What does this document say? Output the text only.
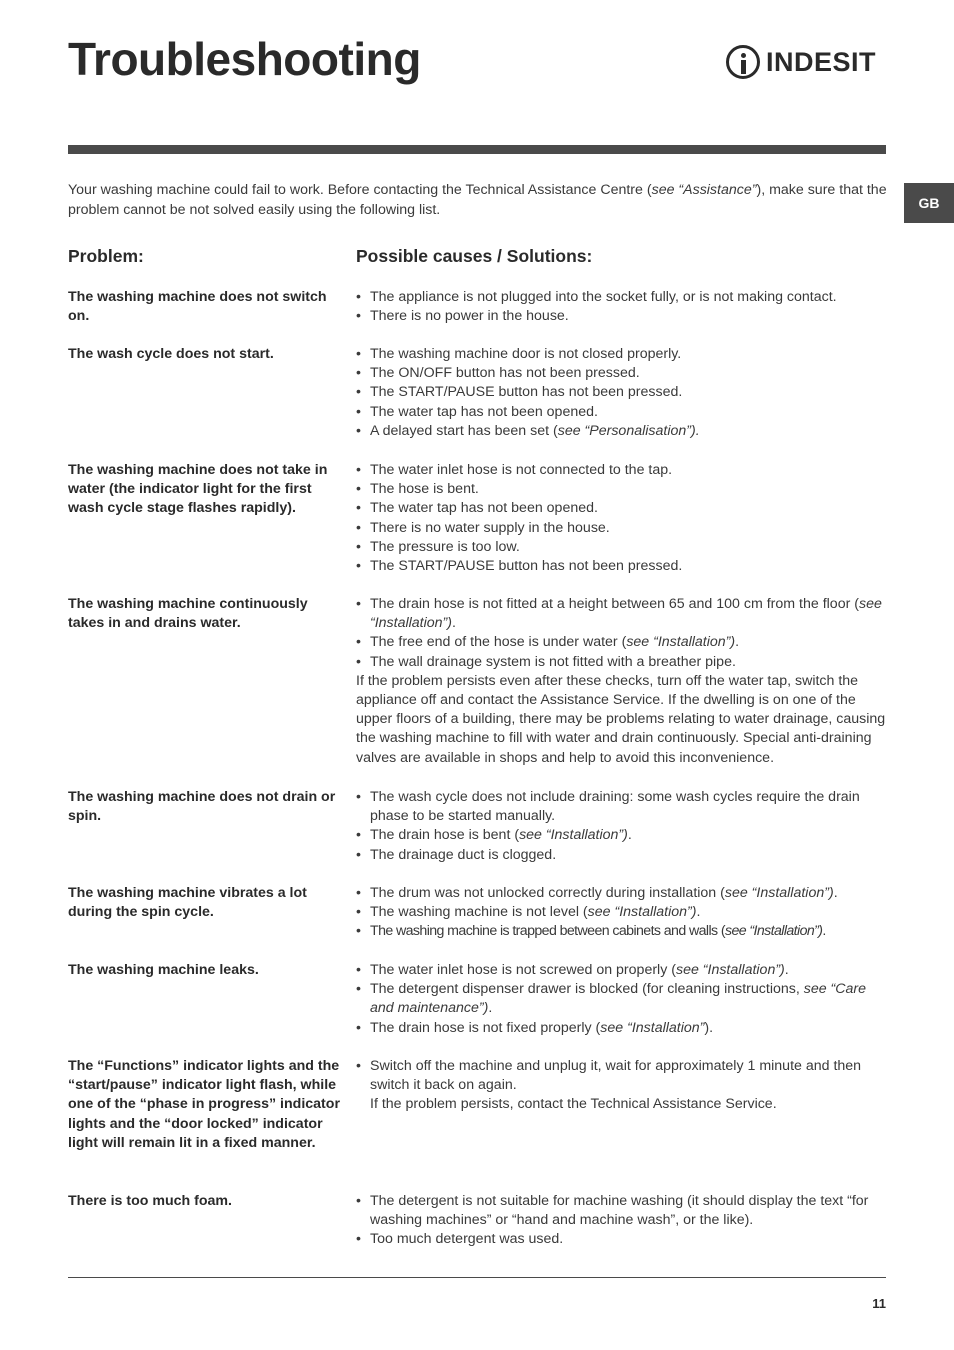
Troubleshooting	INDESIT
GB

Your washing machine could fail to work. Before contacting the Technical Assistance Centre (see “Assistance”), make sure that the problem cannot be not solved easily using the following list.

Problem:	Possible causes / Solutions:
The washing machine does not switch on.
• The appliance is not plugged into the socket fully, or is not making contact.
• There is no power in the house.
The wash cycle does not start.	• The washing machine door is not closed properly.
• The ON/OFF button has not been pressed.
• The START/PAUSE button has not been pressed.
• The water tap has not been opened.
• A delayed start has been set (see “Personalisation”).
The washing machine does not take in water (the indicator light for the first wash cycle stage flashes rapidly).
• The water inlet hose is not connected to the tap.
• The hose is bent.
• The water tap has not been opened.
• There is no water supply in the house.
• The pressure is too low.
• The START/PAUSE button has not been pressed.
The washing machine continuously takes in and drains water.
• The drain hose is not fitted at a height between 65 and 100 cm from the floor (see “Installation”).
• The free end of the hose is under water (see “Installation”).
• The wall drainage system is not fitted with a breather pipe.

If the problem persists even after these checks, turn off the water tap, switch the appliance off and contact the Assistance Service. If the dwelling is on one of the upper floors of a building, there may be problems relating to water drainage, causing the washing machine to fill with water and drain continuously. Special anti-draining valves are available in shops and help to avoid this inconvenience.

The washing machine does not drain or spin.
• The wash cycle does not include draining: some wash cycles require the drain phase to be started manually.
• The drain hose is bent (see “Installation”).
• The drainage duct is clogged.
The washing machine vibrates a lot during the spin cycle.
• The drum was not unlocked correctly during installation (see “Installation”).
• The washing machine is not level (see “Installation”).
• The washing machine is trapped between cabinets and walls (see “Installation”).
The washing machine leaks.	• The water inlet hose is not screwed on properly (see “Installation”).
• The detergent dispenser drawer is blocked (for cleaning instructions, see “Care and maintenance”).
• The drain hose is not fixed properly (see “Installation”).
The “Functions” indicator lights and the “start/pause” indicator light flash, while one of the “phase in progress” indicator lights and the “door locked” indicator light will remain lit in a fixed manner.
• Switch off the machine and unplug it, wait for approximately 1 minute and then switch it back on again.

If the problem persists, contact the Technical Assistance Service.

There is too much foam.	• The detergent is not suitable for machine washing (it should display the text “for washing machines” or “hand and machine wash”, or the like).
• Too much detergent was used.
11
